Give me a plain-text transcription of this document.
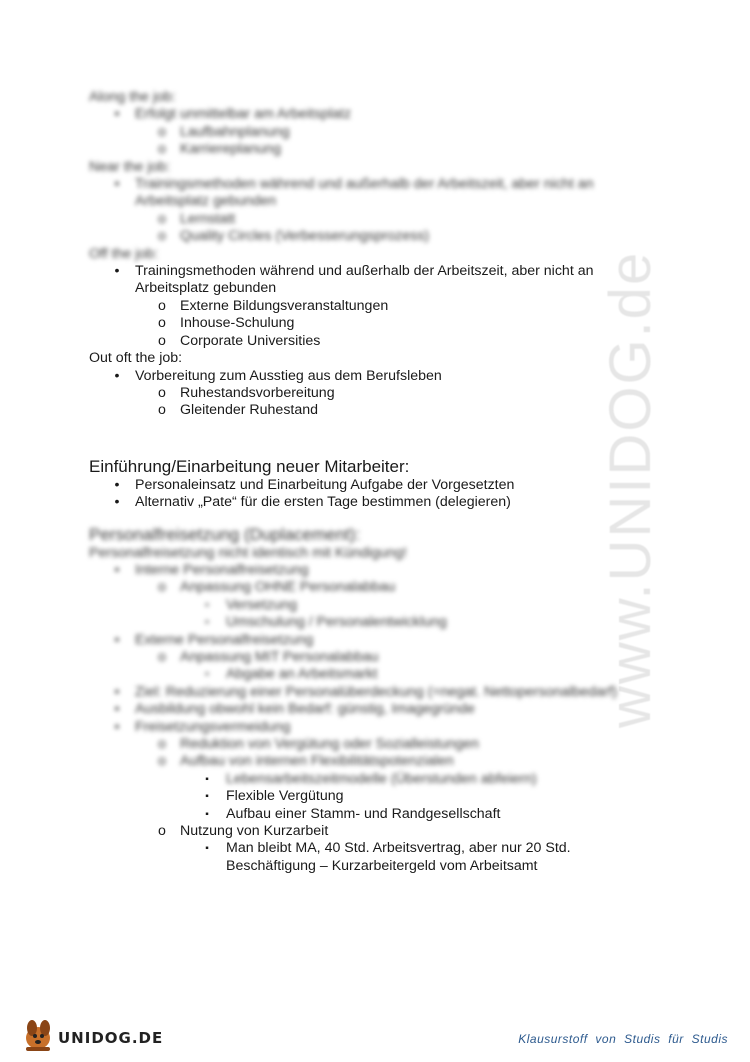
www.UNIDOG.de
Along the job:
• Erfolgt unmittelbar am Arbeitsplatz
o Laufbahnplanung
o Karriereplanung
Near the job:
• Trainingsmethoden während und außerhalb der Arbeitszeit, aber nicht an
Arbeitsplatz gebunden
o Lernstatt
o Quality Circles (Verbesserungsprozess)
Off the job:
• Trainingsmethoden während und außerhalb der Arbeitszeit, aber nicht an
Arbeitsplatz gebunden
o Externe Bildungsveranstaltungen
o Inhouse-Schulung
o Corporate Universities
Out oft the job:
• Vorbereitung zum Ausstieg aus dem Berufsleben
o Ruhestandsvorbereitung
o Gleitender Ruhestand
Einführung/Einarbeitung neuer Mitarbeiter:
• Personaleinsatz und Einarbeitung Aufgabe der Vorgesetzten
• Alternativ „Pate“ für die ersten Tage bestimmen (delegieren)
Personalfreisetzung (Duplacement):
Personalfreisetzung nicht identisch mit Kündigung!
• Interne Personalfreisetzung
o Anpassung OHNE Personalabbau
▪ Versetzung
▪ Umschulung / Personalentwicklung
• Externe Personalfreisetzung
o Anpassung MIT Personalabbau
▪ Abgabe an Arbeitsmarkt
• Ziel: Reduzierung einer Personalüberdeckung (=negat. Nettopersonalbedarf)
• Ausbildung obwohl kein Bedarf: günstig, Imagegründe
• Freisetzungsvermeidung
o Reduktion von Vergütung oder Sozialleistungen
o Aufbau von internen Flexibilitätspotenzialen
▪ Lebensarbeitszeitmodelle (Überstunden abfeiern)
▪ Flexible Vergütung
▪ Aufbau einer Stamm- und Randgesellschaft
o Nutzung von Kurzarbeit
▪ Man bleibt MA, 40 Std. Arbeitsvertrag, aber nur 20 Std.
Beschäftigung – Kurzarbeitergeld vom Arbeitsamt
UNIDOG.DE	Klausurstoff von Studis für Studis
